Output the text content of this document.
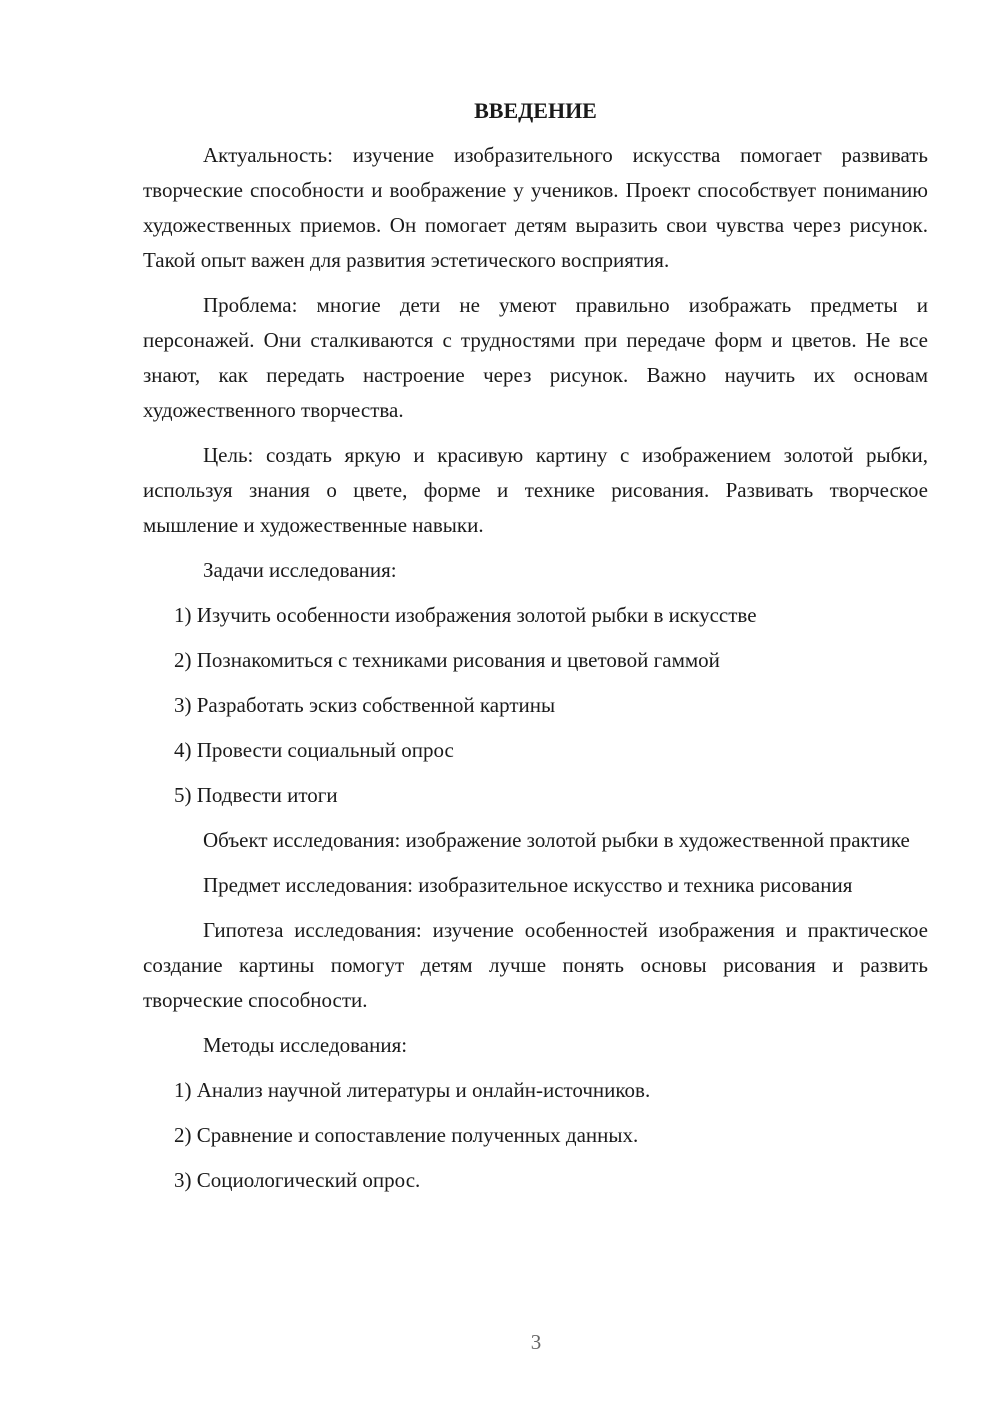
ВВЕДЕНИЕ

Актуальность: изучение изобразительного искусства помогает развивать творческие способности и воображение у учеников. Проект способствует пониманию художественных приемов. Он помогает детям выразить свои чувства через рисунок. Такой опыт важен для развития эстетического восприятия.

Проблема: многие дети не умеют правильно изображать предметы и персонажей. Они сталкиваются с трудностями при передаче форм и цветов. Не все знают, как передать настроение через рисунок. Важно научить их основам художественного творчества.

Цель: создать яркую и красивую картину с изображением золотой рыбки, используя знания о цвете, форме и технике рисования. Развивать творческое мышление и художественные навыки.

Задачи исследования:

1) Изучить особенности изображения золотой рыбки в искусстве
2) Познакомиться с техниками рисования и цветовой гаммой
3) Разработать эскиз собственной картины
4) Провести социальный опрос
5) Подвести итоги

Объект исследования: изображение золотой рыбки в художественной практике

Предмет исследования: изобразительное искусство и техника рисования

Гипотеза исследования: изучение особенностей изображения и практическое создание картины помогут детям лучше понять основы рисования и развить творческие способности.

Методы исследования:

1) Анализ научной литературы и онлайн-источников.
2) Сравнение и сопоставление полученных данных.
3) Социологический опрос.
3
